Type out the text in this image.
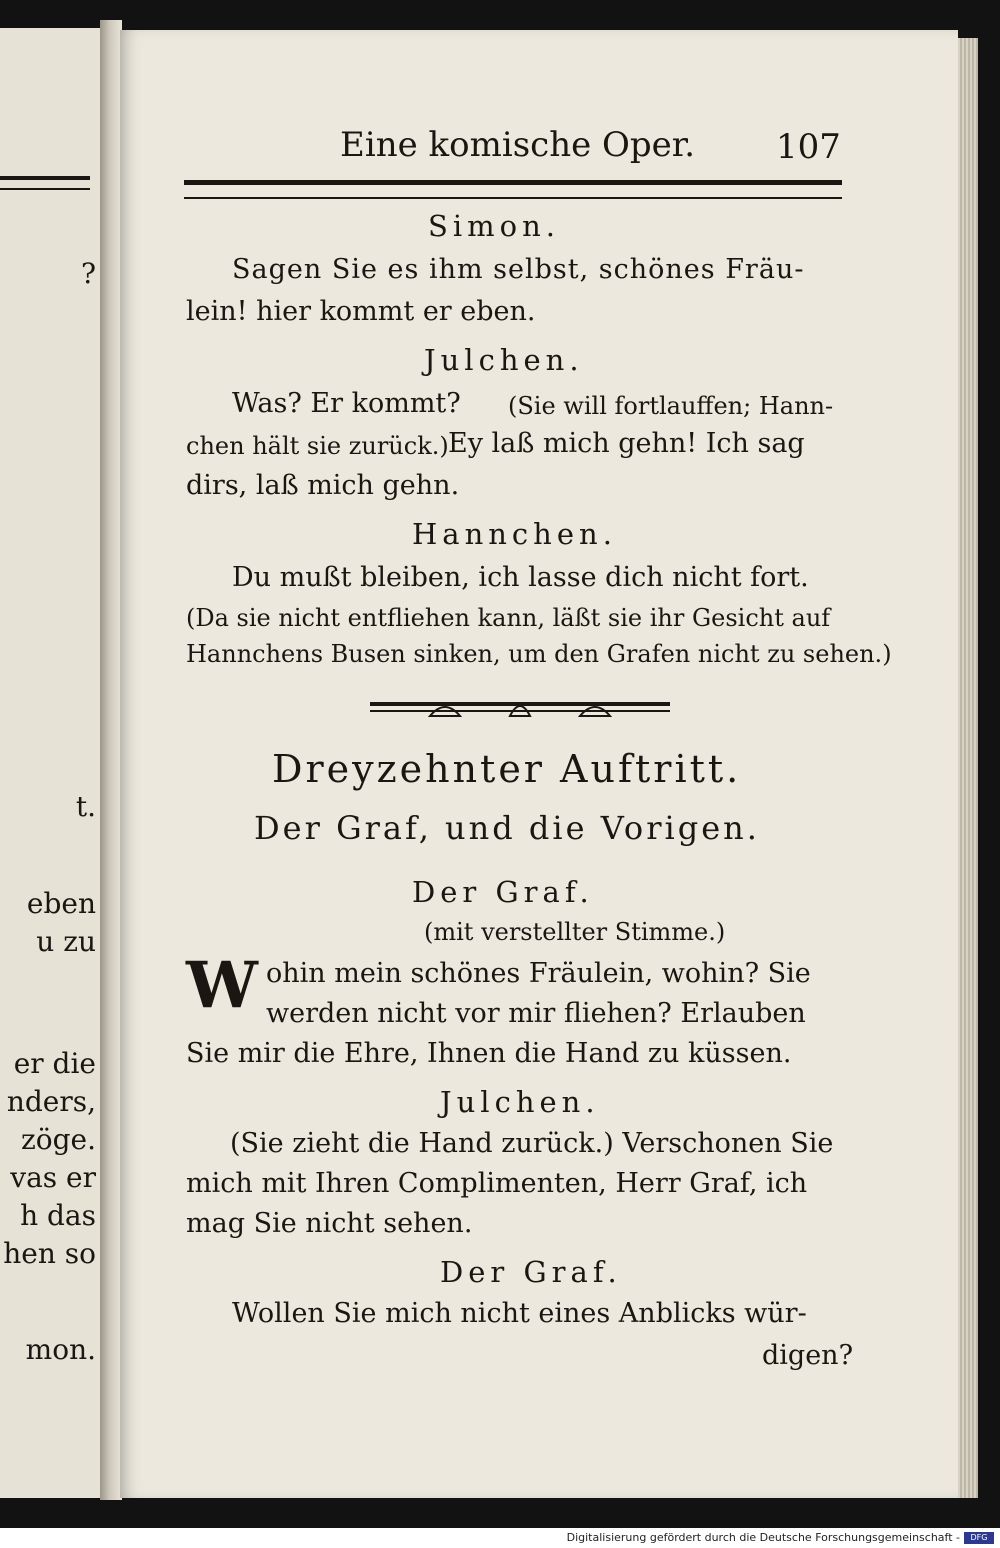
?
t.
eben
u zu
er die
nders,
zöge.
vas er
h das
hen so
mon.
Eine komische Oper. 107
Simon.
Sagen Sie es ihm selbst, schönes Fräu-
lein! hier kommt er eben.
Julchen.
Was? Er kommt? (Sie will fortlauffen; Hann-
chen hält sie zurück.) Ey laß mich gehn! Ich sag
dirs, laß mich gehn.
Hannchen.
Du mußt bleiben, ich lasse dich nicht fort.
(Da sie nicht entfliehen kann, läßt sie ihr Gesicht auf
Hannchens Busen sinken, um den Grafen nicht zu sehen.)
Dreyzehnter Auftritt.
Der Graf, und die Vorigen.
Der Graf.
(mit verstellter Stimme.)
W ohin mein schönes Fräulein, wohin? Sie
werden nicht vor mir fliehen? Erlauben
Sie mir die Ehre, Ihnen die Hand zu küssen.
Julchen.
(Sie zieht die Hand zurück.) Verschonen Sie
mich mit Ihren Complimenten, Herr Graf, ich
mag Sie nicht sehen.
Der Graf.
Wollen Sie mich nicht eines Anblicks wür-
digen?
Digitalisierung gefördert durch die Deutsche Forschungsgemeinschaft -	DFG
